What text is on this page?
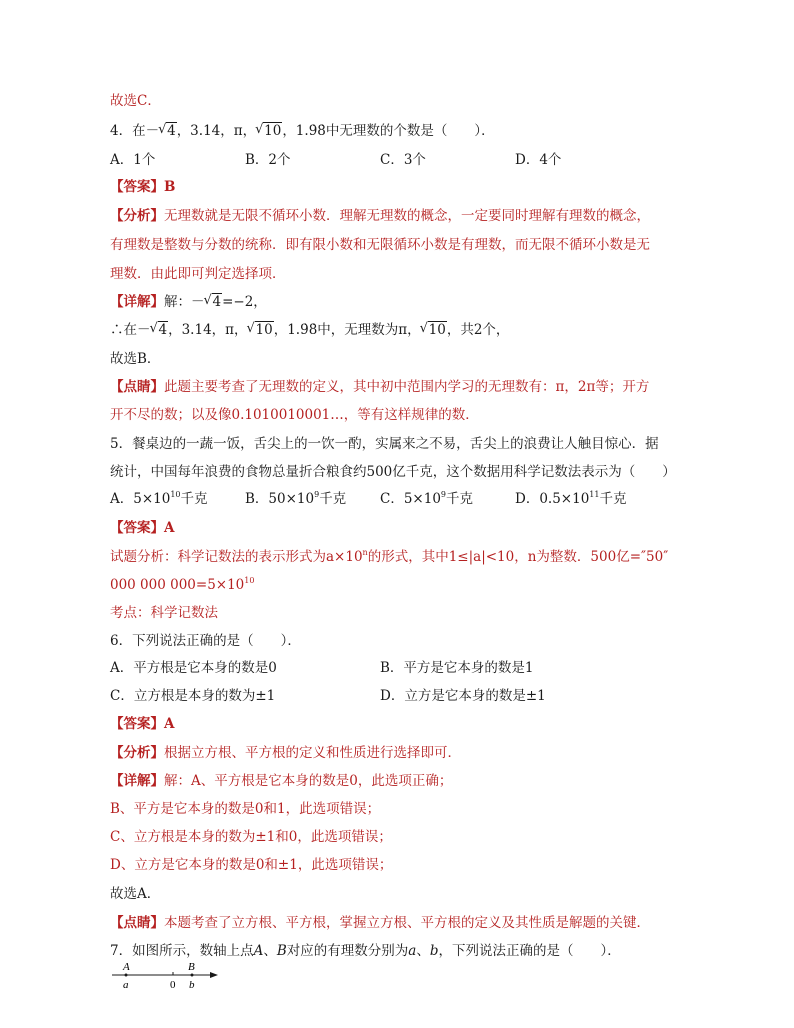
故选C．
4．在－ √ 4，3.14，π， √ 10，1.9̇8̇中无理数的个数是（　　）．
A．1个	B．2个	C．3个	D．4个
【答案】B
【分析】无理数就是无限不循环小数．理解无理数的概念，一定要同时理解有理数的概念，
有理数是整数与分数的统称．即有限小数和无限循环小数是有理数，而无限不循环小数是无
理数．由此即可判定选择项．
【详解】解：－ √ 4=−2，
∴在－ √ 4，3.14，π， √ 10，1.9̇8̇中，无理数为π， √ 10，共2个，
故选B．
【点睛】此题主要考查了无理数的定义，其中初中范围内学习的无理数有：π，2π等；开方
开不尽的数；以及像0.1010010001…，等有这样规律的数．
5．餐桌边的一蔬一饭，舌尖上的一饮一酌，实属来之不易，舌尖上的浪费让人触目惊心．据
统计，中国每年浪费的食物总量折合粮食约500亿千克，这个数据用科学记数法表示为（　　）
A．$5\times 10^{10}$千克	B．$50\times 10^9$千克	C．$5\times 10^9$千克	D．$0.5\times 10^{11}$千克
【答案】A
试题分析：科学记数法的表示形式为$a\times 10^n$的形式，其中1≤|a|<10，n为整数．500亿=″50″
000 000 $000=5\times 10^{10}$
考点：科学记数法
6．下列说法正确的是（　　）．
A．平方根是它本身的数是0	B．平方是它本身的数是1
C．立方根是本身的数为±1	D．立方是它本身的数是±1
【答案】A
【分析】根据立方根、平方根的定义和性质进行选择即可．
【详解】解：A、平方根是它本身的数是0，此选项正确；
B、平方是它本身的数是0和1，此选项错误；
C、立方根是本身的数为±1和0，此选项错误；
D、立方是它本身的数是0和±1，此选项错误；
故选A．
【点睛】本题考查了立方根、平方根，掌握立方根、平方根的定义及其性质是解题的关键．
7．如图所示，数轴上点A、B对应的有理数分别为a、b，下列说法正确的是（　　）．
A
a	0
B
b
